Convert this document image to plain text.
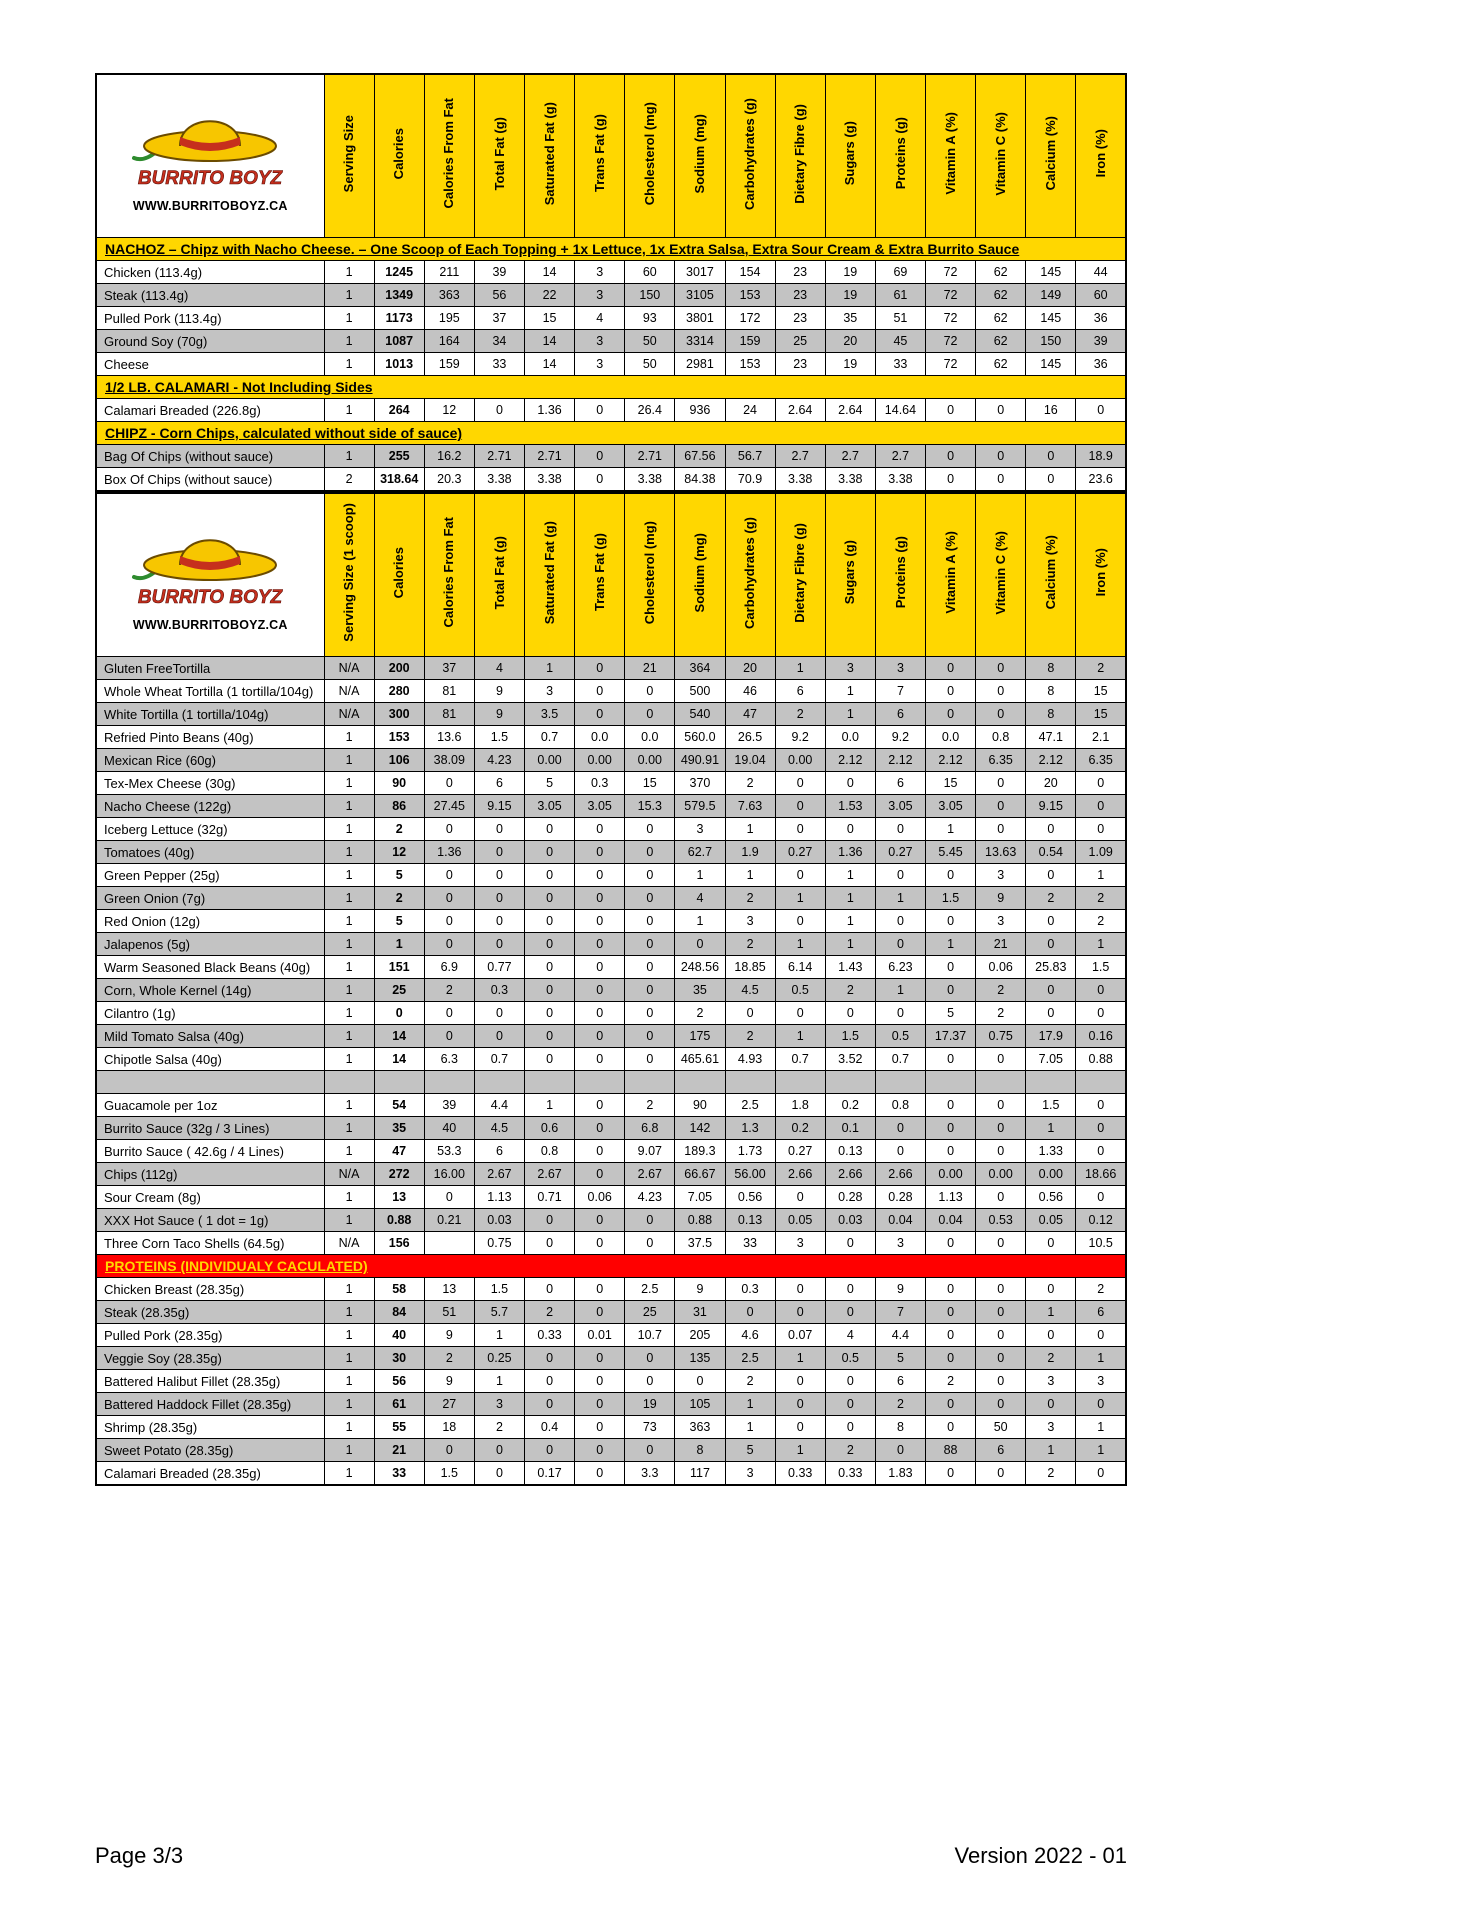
BURRITO BOYZ
WWW.BURRITOBOYZ.CA	Serving Size	Calories	Calories From Fat	Total Fat (g)	Saturated Fat (g)	Trans Fat (g)	Cholesterol (mg)	Sodium (mg)	Carbohydrates (g)	Dietary Fibre (g)	Sugars (g)	Proteins (g)	Vitamin A (%)	Vitamin C (%)	Calcium (%)	Iron (%)
NACHOZ – Chipz with Nacho Cheese. – One Scoop of Each Topping + 1x Lettuce, 1x Extra Salsa, Extra Sour Cream & Extra Burrito Sauce																
Chicken (113.4g)	1	1245	211	39	14	3	60	3017	154	23	19	69	72	62	145	44
Steak (113.4g)	1	1349	363	56	22	3	150	3105	153	23	19	61	72	62	149	60
Pulled Pork (113.4g)	1	1173	195	37	15	4	93	3801	172	23	35	51	72	62	145	36
Ground Soy (70g)	1	1087	164	34	14	3	50	3314	159	25	20	45	72	62	150	39
Cheese	1	1013	159	33	14	3	50	2981	153	23	19	33	72	62	145	36
1/2 LB. CALAMARI - Not Including Sides																
Calamari Breaded (226.8g)	1	264	12	0	1.36	0	26.4	936	24	2.64	2.64	14.64	0	0	16	0
CHIPZ - Corn Chips, calculated without side of sauce)																
Bag Of Chips (without sauce)	1	255	16.2	2.71	2.71	0	2.71	67.56	56.7	2.7	2.7	2.7	0	0	0	18.9
Box Of Chips (without sauce)	2	318.64	20.3	3.38	3.38	0	3.38	84.38	70.9	3.38	3.38	3.38	0	0	0	23.6
BURRITO BOYZ
WWW.BURRITOBOYZ.CA	Serving Size (1 scoop)	Calories	Calories From Fat	Total Fat (g)	Saturated Fat (g)	Trans Fat (g)	Cholesterol (mg)	Sodium (mg)	Carbohydrates (g)	Dietary Fibre (g)	Sugars (g)	Proteins (g)	Vitamin A (%)	Vitamin C (%)	Calcium (%)	Iron (%)
Gluten FreeTortilla	N/A	200	37	4	1	0	21	364	20	1	3	3	0	0	8	2
Whole Wheat Tortilla (1 tortilla/104g)	N/A	280	81	9	3	0	0	500	46	6	1	7	0	0	8	15
White Tortilla (1 tortilla/104g)	N/A	300	81	9	3.5	0	0	540	47	2	1	6	0	0	8	15
Refried Pinto Beans (40g)	1	153	13.6	1.5	0.7	0.0	0.0	560.0	26.5	9.2	0.0	9.2	0.0	0.8	47.1	2.1
Mexican Rice (60g)	1	106	38.09	4.23	0.00	0.00	0.00	490.91	19.04	0.00	2.12	2.12	2.12	6.35	2.12	6.35
Tex-Mex Cheese (30g)	1	90	0	6	5	0.3	15	370	2	0	0	6	15	0	20	0
Nacho Cheese (122g)	1	86	27.45	9.15	3.05	3.05	15.3	579.5	7.63	0	1.53	3.05	3.05	0	9.15	0
Iceberg Lettuce (32g)	1	2	0	0	0	0	0	3	1	0	0	0	1	0	0	0
Tomatoes (40g)	1	12	1.36	0	0	0	0	62.7	1.9	0.27	1.36	0.27	5.45	13.63	0.54	1.09
Green Pepper (25g)	1	5	0	0	0	0	0	1	1	0	1	0	0	3	0	1
Green Onion (7g)	1	2	0	0	0	0	0	4	2	1	1	1	1.5	9	2	2
Red Onion (12g)	1	5	0	0	0	0	0	1	3	0	1	0	0	3	0	2
Jalapenos (5g)	1	1	0	0	0	0	0	0	2	1	1	0	1	21	0	1
Warm Seasoned Black Beans (40g)	1	151	6.9	0.77	0	0	0	248.56	18.85	6.14	1.43	6.23	0	0.06	25.83	1.5
Corn, Whole Kernel (14g)	1	25	2	0.3	0	0	0	35	4.5	0.5	2	1	0	2	0	0
Cilantro (1g)	1	0	0	0	0	0	0	2	0	0	0	0	5	2	0	0
Mild Tomato Salsa (40g)	1	14	0	0	0	0	0	175	2	1	1.5	0.5	17.37	0.75	17.9	0.16
Chipotle Salsa (40g)	1	14	6.3	0.7	0	0	0	465.61	4.93	0.7	3.52	0.7	0	0	7.05	0.88

Guacamole per 1oz	1	54	39	4.4	1	0	2	90	2.5	1.8	0.2	0.8	0	0	1.5	0
Burrito Sauce (32g / 3 Lines)	1	35	40	4.5	0.6	0	6.8	142	1.3	0.2	0.1	0	0	0	1	0
Burrito Sauce ( 42.6g / 4 Lines)	1	47	53.3	6	0.8	0	9.07	189.3	1.73	0.27	0.13	0	0	0	1.33	0
Chips (112g)	N/A	272	16.00	2.67	2.67	0	2.67	66.67	56.00	2.66	2.66	2.66	0.00	0.00	0.00	18.66
Sour Cream (8g)	1	13	0	1.13	0.71	0.06	4.23	7.05	0.56	0	0.28	0.28	1.13	0	0.56	0
XXX Hot Sauce ( 1 dot = 1g)	1	0.88	0.21	0.03	0	0	0	0.88	0.13	0.05	0.03	0.04	0.04	0.53	0.05	0.12
Three Corn Taco Shells (64.5g)	N/A	156		0.75	0	0	0	37.5	33	3	0	3	0	0	0	10.5
PROTEINS (INDIVIDUALY CACULATED)																
Chicken Breast (28.35g)	1	58	13	1.5	0	0	2.5	9	0.3	0	0	9	0	0	0	2
Steak (28.35g)	1	84	51	5.7	2	0	25	31	0	0	0	7	0	0	1	6
Pulled Pork (28.35g)	1	40	9	1	0.33	0.01	10.7	205	4.6	0.07	4	4.4	0	0	0	0
Veggie Soy (28.35g)	1	30	2	0.25	0	0	0	135	2.5	1	0.5	5	0	0	2	1
Battered Halibut Fillet (28.35g)	1	56	9	1	0	0	0	0	2	0	0	6	2	0	3	3
Battered Haddock Fillet (28.35g)	1	61	27	3	0	0	19	105	1	0	0	2	0	0	0	0
Shrimp (28.35g)	1	55	18	2	0.4	0	73	363	1	0	0	8	0	50	3	1
Sweet Potato (28.35g)	1	21	0	0	0	0	0	8	5	1	2	0	88	6	1	1
Calamari Breaded (28.35g)	1	33	1.5	0	0.17	0	3.3	117	3	0.33	0.33	1.83	0	0	2	0
Page 3/3	Version 2022 - 01
